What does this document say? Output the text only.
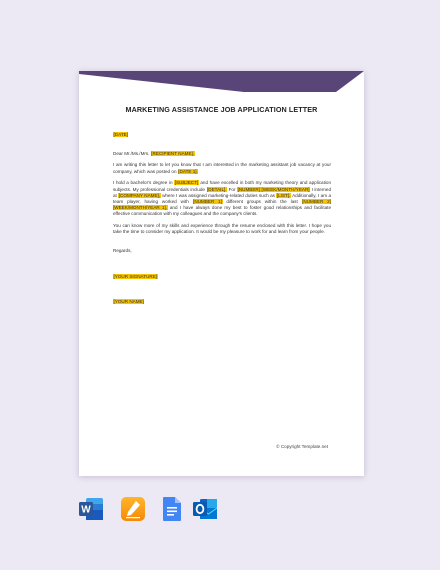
MARKETING ASSISTANCE JOB APPLICATION LETTER

[DATE]

Dear Mr./Ms./Mrs. [RECIPIENT NAME],

I am writing this letter to let you know that I am interested in the marketing assistant job vacancy at your company, which was posted on [DATE 1].

I hold a bachelor's degree in [SUBJECT] and have excelled in both my marketing theory and application subjects. My professional credentials include [DETAIL]. For [NUMBER] [WEEK/MONTH/YEAR] I interned at [COMPANY NAME], where I was assigned marketing-related duties such as [LIST]. Additionally, I am a team player, having worked with [NUMBER 1] different groups within the last [NUMBER 2] [WEEK/MONTH/YEAR 1], and I have always done my best to foster good relationships and facilitate effective communication with my colleagues and the company's clients.

You can know more of my skills and experience through the resume enclosed with this letter. I hope you take the time to consider my application. It would be my pleasure to work for and learn from your people.

Regards,

[YOUR SIGNATURE]

[YOUR NAME]

© Copyright Template.net
W
